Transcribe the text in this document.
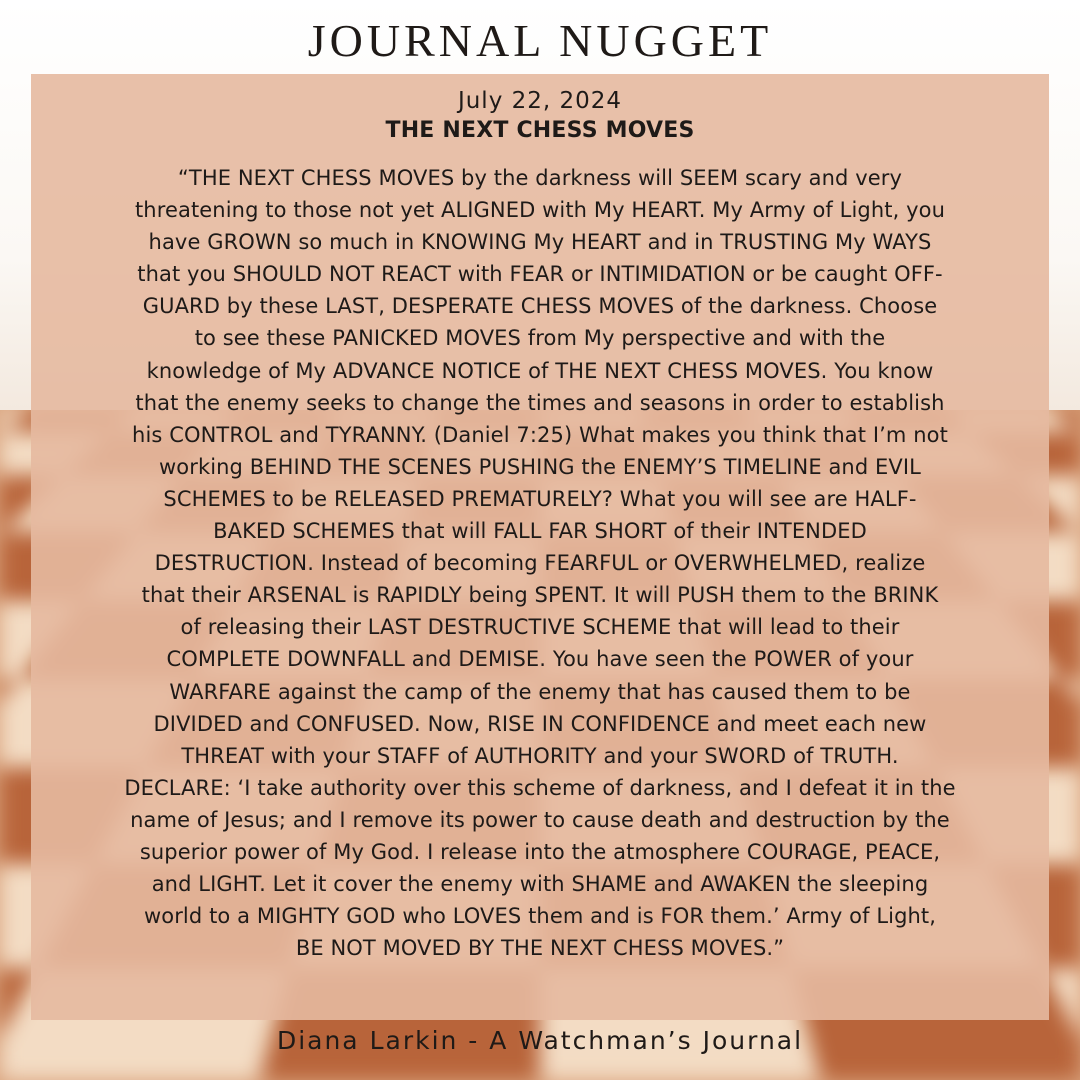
JOURNAL NUGGET
July 22, 2024
THE NEXT CHESS MOVES
“THE NEXT CHESS MOVES by the darkness will SEEM scary and very
threatening to those not yet ALIGNED with My HEART. My Army of Light, you
have GROWN so much in KNOWING My HEART and in TRUSTING My WAYS
that you SHOULD NOT REACT with FEAR or INTIMIDATION or be caught OFF-
GUARD by these LAST, DESPERATE CHESS MOVES of the darkness. Choose
to see these PANICKED MOVES from My perspective and with the
knowledge of My ADVANCE NOTICE of THE NEXT CHESS MOVES. You know
that the enemy seeks to change the times and seasons in order to establish
his CONTROL and TYRANNY. (Daniel 7:25) What makes you think that I’m not
working BEHIND THE SCENES PUSHING the ENEMY’S TIMELINE and EVIL
SCHEMES to be RELEASED PREMATURELY? What you will see are HALF-
BAKED SCHEMES that will FALL FAR SHORT of their INTENDED
DESTRUCTION. Instead of becoming FEARFUL or OVERWHELMED, realize
that their ARSENAL is RAPIDLY being SPENT. It will PUSH them to the BRINK
of releasing their LAST DESTRUCTIVE SCHEME that will lead to their
COMPLETE DOWNFALL and DEMISE. You have seen the POWER of your
WARFARE against the camp of the enemy that has caused them to be
DIVIDED and CONFUSED. Now, RISE IN CONFIDENCE and meet each new
THREAT with your STAFF of AUTHORITY and your SWORD of TRUTH.
DECLARE: ‘I take authority over this scheme of darkness, and I defeat it in the
name of Jesus; and I remove its power to cause death and destruction by the
superior power of My God. I release into the atmosphere COURAGE, PEACE,
and LIGHT. Let it cover the enemy with SHAME and AWAKEN the sleeping
world to a MIGHTY GOD who LOVES them and is FOR them.’ Army of Light,
BE NOT MOVED BY THE NEXT CHESS MOVES.”
Diana Larkin - A Watchman’s Journal
